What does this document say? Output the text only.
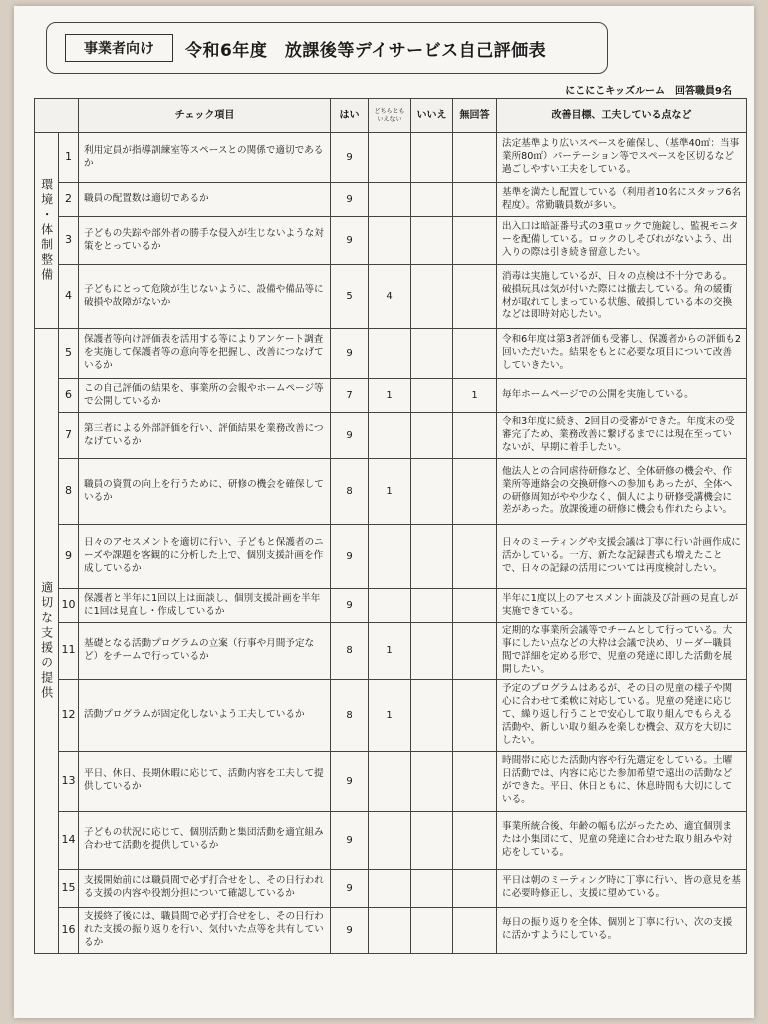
事業者向け	令和6年度　放課後等デイサービス自己評価表
にこにこキッズルーム　回答職員9名
		チェック項目	はい	どちらとも
いえない	いいえ	無回答	改善目標、工夫している点など
環境・体制整備	1	利用定員が指導訓練室等スペースとの関係で適切であるか	9				法定基準より広いスペースを確保し、（基準40㎡：当事業所80㎡）パーテーション等でスペースを区切るなど過ごしやすい工夫をしている。
	2	職員の配置数は適切であるか	9				基準を満たし配置している（利用者10名にスタッフ6名程度）。常勤職員数が多い。
	3	子どもの失踪や部外者の勝手な侵入が生じないような対策をとっているか	9				出入口は暗証番号式の3重ロックで施錠し、監視モニターを配備している。ロックのしそびれがないよう、出入りの際は引き続き留意したい。
	4	子どもにとって危険が生じないように、設備や備品等に破損や故障がないか	5	4			消毒は実施しているが、日々の点検は不十分である。破損玩具は気が付いた際には撤去している。角の緩衝材が取れてしまっている状態、破損している本の交換などは即時対応したい。
適切な支援の提供	5	保護者等向け評価表を活用する等によりアンケート調査を実施して保護者等の意向等を把握し、改善につなげているか	9				令和6年度は第3者評価も受審し、保護者からの評価も2回いただいた。結果をもとに必要な項目について改善していきたい。
	6	この自己評価の結果を、事業所の会報やホームページ等で公開しているか	7	1		1	毎年ホームページでの公開を実施している。
	7	第三者による外部評価を行い、評価結果を業務改善につなげているか	9				令和3年度に続き、2回目の受審ができた。年度末の受審完了ため、業務改善に繋げるまでには現在至っていないが、早期に着手したい。
	8	職員の資質の向上を行うために、研修の機会を確保しているか	8	1			他法人との合同虐待研修など、全体研修の機会や、作業所等連絡会の交換研修への参加もあったが、全体への研修周知がやや少なく、個人により研修受講機会に差があった。放課後連の研修に機会も作れたらよい。
	9	日々のアセスメントを適切に行い、子どもと保護者のニーズや課題を客観的に分析した上で、個別支援計画を作成しているか	9				日々のミーティングや支援会議は丁寧に行い計画作成に活かしている。一方、新たな記録書式も増えたことで、日々の記録の活用については再度検討したい。
	10	保護者と半年に1回以上は面談し、個別支援計画を半年に1回は見直し・作成しているか	9				半年に1度以上のアセスメント面談及び計画の見直しが実施できている。
	11	基礎となる活動プログラムの立案（行事や月間予定など）をチームで行っているか	8	1			定期的な事業所会議等でチームとして行っている。大事にしたい点などの大枠は会議で決め、リーダー職員間で詳細を定める形で、児童の発達に即した活動を展開したい。
	12	活動プログラムが固定化しないよう工夫しているか	8	1			予定のプログラムはあるが、その日の児童の様子や関心に合わせて柔軟に対応している。児童の発達に応じて、繰り返し行うことで安心して取り組んでもらえる活動や、新しい取り組みを楽しむ機会、双方を大切にしたい。
	13	平日、休日、長期休暇に応じて、活動内容を工夫して提供しているか	9				時間帯に応じた活動内容や行先選定をしている。土曜日活動では、内容に応じた参加希望で遠出の活動などができた。平日、休日ともに、休息時間も大切にしている。
	14	子どもの状況に応じて、個別活動と集団活動を適宜組み合わせて活動を提供しているか	9				事業所統合後、年齢の幅も広がったため、適宜個別または小集団にて、児童の発達に合わせた取り組みや対応をしている。
	15	支援開始前には職員間で必ず打合せをし、その日行われる支援の内容や役割分担について確認しているか	9				平日は朝のミーティング時に丁寧に行い、皆の意見を基に必要時修正し、支援に望めている。
	16	支援終了後には、職員間で必ず打合せをし、その日行われた支援の振り返りを行い、気付いた点等を共有しているか	9				毎日の振り返りを全体、個別と丁寧に行い、次の支援に活かすようにしている。
